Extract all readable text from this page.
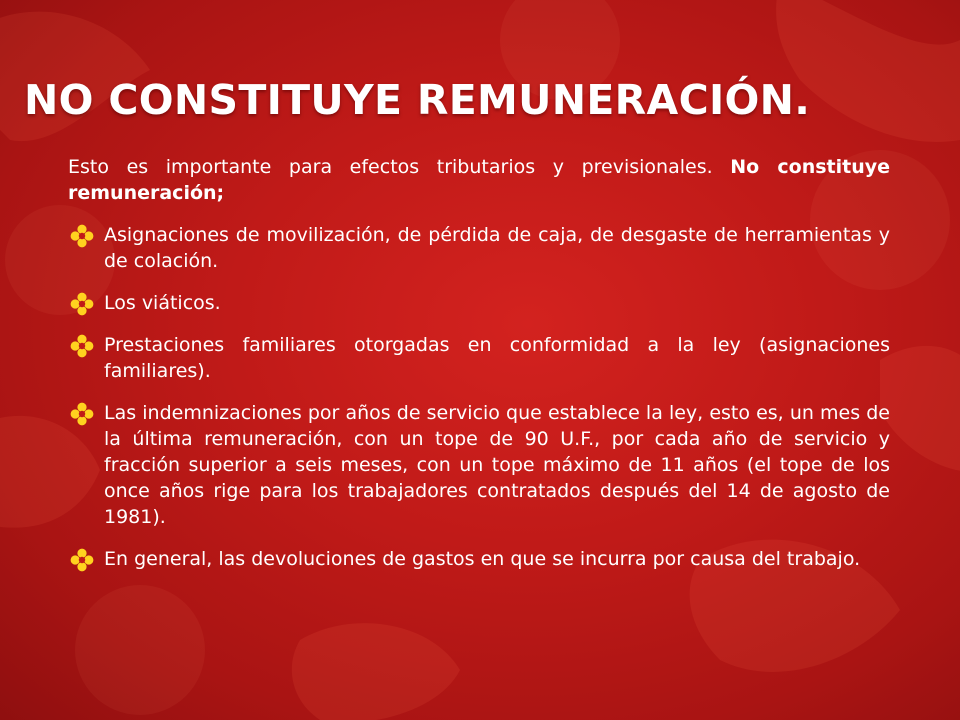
NO CONSTITUYE REMUNERACIÓN.

Esto es importante para efectos tributarios y previsionales. No constituye remuneración;

Asignaciones de movilización, de pérdida de caja, de desgaste de herramientas y de colación.
Los viáticos.
Prestaciones familiares otorgadas en conformidad a la ley (asignaciones familiares).
Las indemnizaciones por años de servicio que establece la ley, esto es, un mes de la última remuneración, con un tope de 90 U.F., por cada año de servicio y fracción superior a seis meses, con un tope máximo de 11 años (el tope de los once años rige para los trabajadores contratados después del 14 de agosto de 1981).
En general, las devoluciones de gastos en que se incurra por causa del trabajo.
